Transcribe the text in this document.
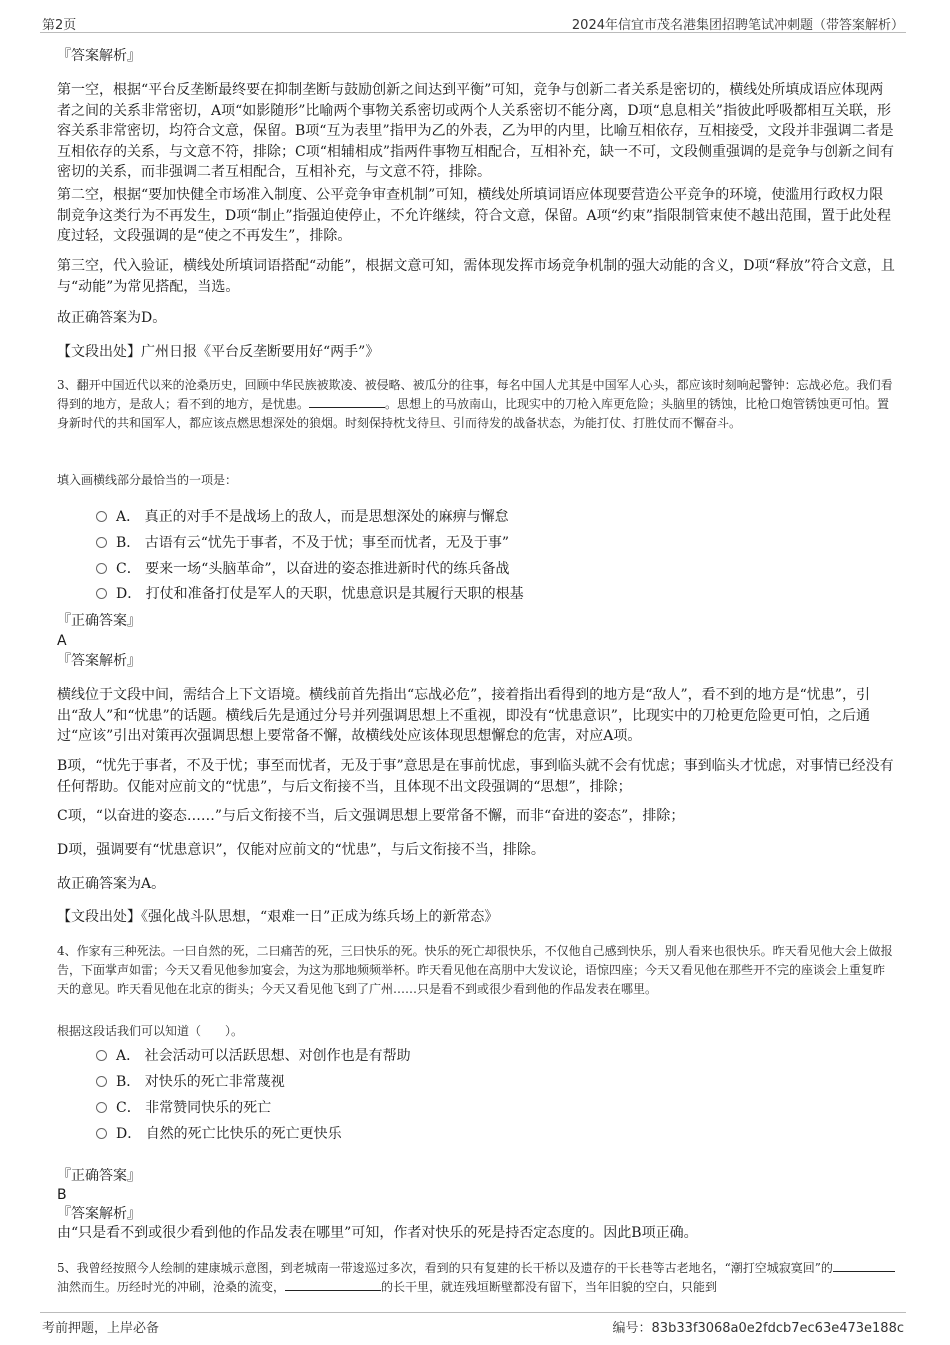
第2页	2024年信宜市茂名港集团招聘笔试冲刺题（带答案解析）
『答案解析』

第一空，根据“平台反垄断最终要在抑制垄断与鼓励创新之间达到平衡”可知，竞争与创新二者关系是密切的，横线处所填成语应体现两者之间的关系非常密切，A项“如影随形”比喻两个事物关系密切或两个人关系密切不能分离，D项“息息相关”指彼此呼吸都相互关联，形容关系非常密切，均符合文意，保留。B项“互为表里”指甲为乙的外表，乙为甲的内里，比喻互相依存，互相接受，文段并非强调二者是互相依存的关系，与文意不符，排除；C项“相辅相成”指两件事物互相配合，互相补充，缺一不可，文段侧重强调的是竞争与创新之间有密切的关系，而非强调二者互相配合，互相补充，与文意不符，排除。

第二空，根据“要加快健全市场准入制度、公平竞争审查机制”可知，横线处所填词语应体现要营造公平竞争的环境，使滥用行政权力限制竞争这类行为不再发生，D项“制止”指强迫使停止，不允许继续，符合文意，保留。A项“约束”指限制管束使不越出范围，置于此处程度过轻，文段强调的是“使之不再发生”，排除。

第三空，代入验证，横线处所填词语搭配“动能”，根据文意可知，需体现发挥市场竞争机制的强大动能的含义，D项“释放”符合文意，且与“动能”为常见搭配，当选。

故正确答案为D。
【文段出处】广州日报《平台反垄断要用好“两手”》

3、翻开中国近代以来的沧桑历史，回顾中华民族被欺凌、被侵略、被瓜分的往事，每名中国人尤其是中国军人心头，都应该时刻响起警钟：忘战必危。我们看得到的地方，是敌人；看不到的地方，是忧患。	。思想上的马放南山，比现实中的刀枪入库更危险；头脑里的锈蚀，比枪口炮管锈蚀更可怕。置身新时代的共和国军人，都应该点燃思想深处的狼烟。时刻保持枕戈待旦、引而待发的战备状态，为能打仗、打胜仗而不懈奋斗。

填入画横线部分最恰当的一项是：
A． 真正的对手不是战场上的敌人，而是思想深处的麻痹与懈怠
B． 古语有云“忧先于事者，不及于忧；事至而忧者，无及于事”
C． 要来一场“头脑革命”，以奋进的姿态推进新时代的练兵备战
D． 打仗和准备打仗是军人的天职，忧患意识是其履行天职的根基
『正确答案』
A
『答案解析』

横线位于文段中间，需结合上下文语境。横线前首先指出“忘战必危”，接着指出看得到的地方是“敌人”，看不到的地方是“忧患”，引出“敌人”和“忧患”的话题。横线后先是通过分号并列强调思想上不重视，即没有“忧患意识”，比现实中的刀枪更危险更可怕，之后通过“应该”引出对策再次强调思想上要常备不懈，故横线处应该体现思想懈怠的危害，对应A项。

B项，“忧先于事者，不及于忧；事至而忧者，无及于事”意思是在事前忧虑，事到临头就不会有忧虑；事到临头才忧虑，对事情已经没有任何帮助。仅能对应前文的“忧患”，与后文衔接不当，且体现不出文段强调的“思想”，排除；

C项，“以奋进的姿态……”与后文衔接不当，后文强调思想上要常备不懈，而非“奋进的姿态”，排除；

D项，强调要有“忧患意识”，仅能对应前文的“忧患”，与后文衔接不当，排除。

故正确答案为A。
【文段出处】《强化战斗队思想，“艰难一日”正成为练兵场上的新常态》

4、作家有三种死法。一曰自然的死，二曰痛苦的死，三曰快乐的死。快乐的死亡却很快乐，不仅他自己感到快乐，别人看来也很快乐。昨天看见他大会上做报告，下面掌声如雷；今天又看见他参加宴会，为这为那地频频举杯。昨天看见他在高朋中大发议论，语惊四座；今天又看见他在那些开不完的座谈会上重复昨天的意见。昨天看见他在北京的街头；今天又看见他飞到了广州……只是看不到或很少看到他的作品发表在哪里。

根据这段话我们可以知道（　　）。
A． 社会活动可以活跃思想、对创作也是有帮助
B． 对快乐的死亡非常蔑视
C． 非常赞同快乐的死亡
D． 自然的死亡比快乐的死亡更快乐
『正确答案』
B
『答案解析』
由“只是看不到或很少看到他的作品发表在哪里”可知，作者对快乐的死是持否定态度的。因此B项正确。

5、我曾经按照今人绘制的建康城示意图，到老城南一带逡巡过多次，看到的只有复建的长干桥以及遗存的干长巷等古老地名，“潮打空城寂寞回”的油然而生。历经时光的冲刷，沧桑的流变，	的长干里，就连残垣断壁都没有留下，当年旧貌的空白，只能到

考前押题，上岸必备	编号：83b33f3068a0e2fdcb7ec63e473e188c
